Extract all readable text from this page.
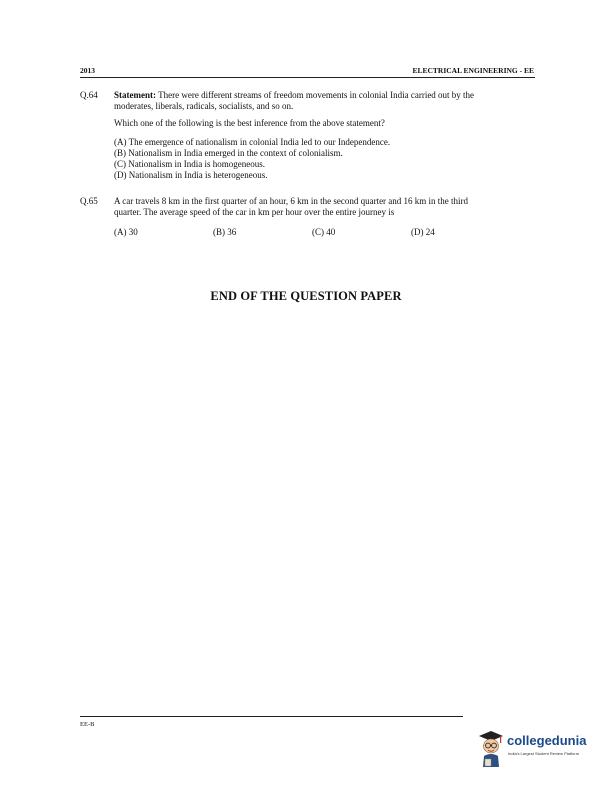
2013	ELECTRICAL ENGINEERING - EE
Q.64 Statement: There were different streams of freedom movements in colonial India carried out by the
moderates, liberals, radicals, socialists, and so on.
Which one of the following is the best inference from the above statement?
(A) The emergence of nationalism in colonial India led to our Independence.
(B) Nationalism in India emerged in the context of colonialism.
(C) Nationalism in India is homogeneous.
(D) Nationalism in India is heterogeneous.
Q.65 A car travels 8 km in the first quarter of an hour, 6 km in the second quarter and 16 km in the third
quarter. The average speed of the car in km per hour over the entire journey is
(A) 30	(B) 36	(C) 40	(D) 24
END OF THE QUESTION PAPER
EE-B
collegedunia
India's Largest Student Review Platform
